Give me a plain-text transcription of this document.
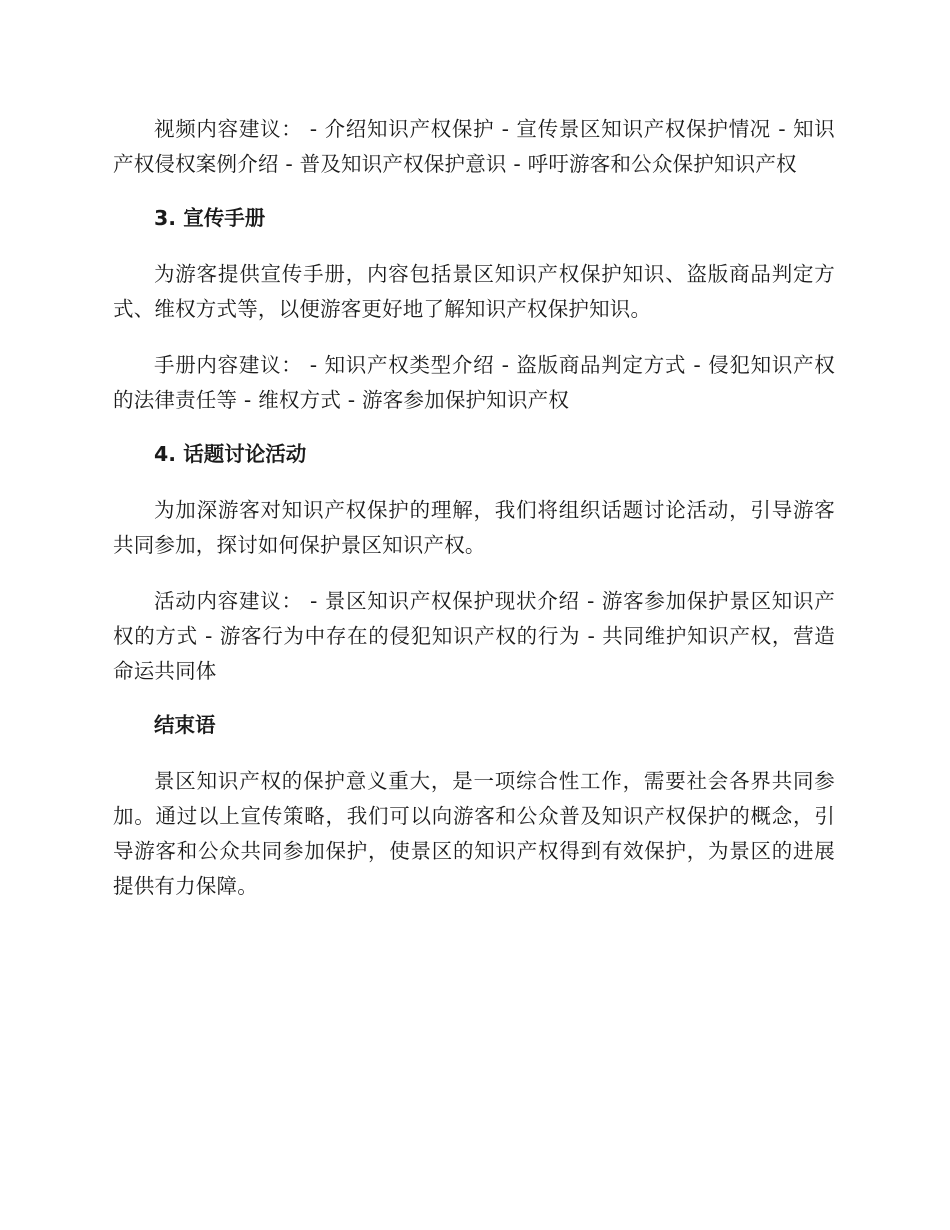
视频内容建议： - 介绍知识产权保护 - 宣传景区知识产权保护情况 - 知识产权侵权案例介绍 - 普及知识产权保护意识 - 呼吁游客和公众保护知识产权

3. 宣传手册

为游客提供宣传手册，内容包括景区知识产权保护知识、盗版商品判定方式、维权方式等，以便游客更好地了解知识产权保护知识。

手册内容建议： - 知识产权类型介绍 - 盗版商品判定方式 - 侵犯知识产权的法律责任等 - 维权方式 - 游客参加保护知识产权

4. 话题讨论活动

为加深游客对知识产权保护的理解，我们将组织话题讨论活动，引导游客共同参加，探讨如何保护景区知识产权。

活动内容建议： - 景区知识产权保护现状介绍 - 游客参加保护景区知识产权的方式 - 游客行为中存在的侵犯知识产权的行为 - 共同维护知识产权，营造命运共同体

结束语

景区知识产权的保护意义重大，是一项综合性工作，需要社会各界共同参加。通过以上宣传策略，我们可以向游客和公众普及知识产权保护的概念，引导游客和公众共同参加保护，使景区的知识产权得到有效保护，为景区的进展提供有力保障。
